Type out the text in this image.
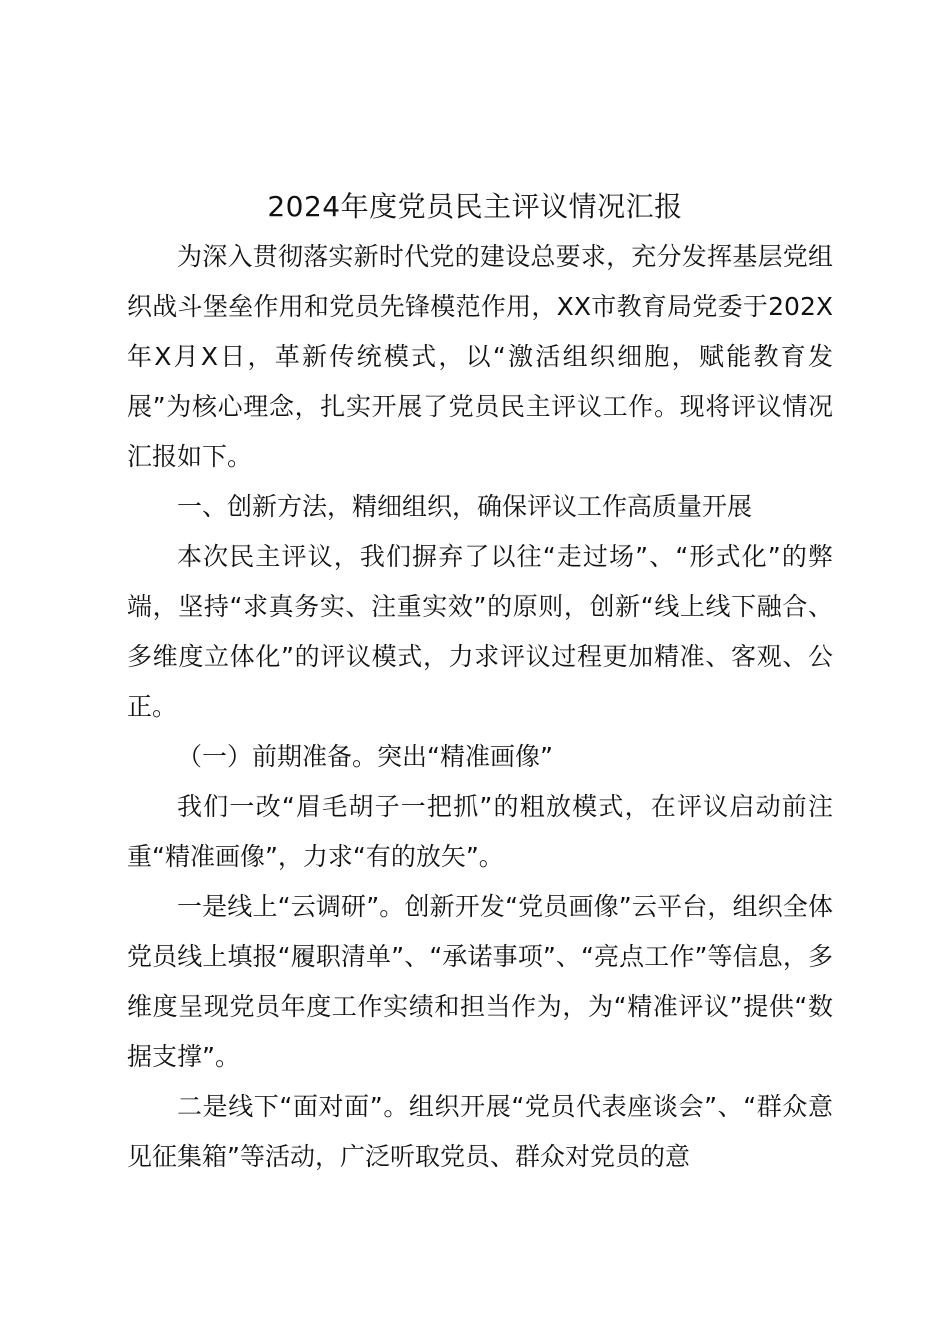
2024年度党员民主评议情况汇报

为深入贯彻落实新时代党的建设总要求，充分发挥基层党组织战斗堡垒作用和党员先锋模范作用，XX市教育局党委于202X年X月X日，革新传统模式，以“激活组织细胞，赋能教育发展”为核心理念，扎实开展了党员民主评议工作。现将评议情况汇报如下。

一、创新方法，精细组织，确保评议工作高质量开展

本次民主评议，我们摒弃了以往“走过场”、“形式化”的弊端，坚持“求真务实、注重实效”的原则，创新“线上线下融合、多维度立体化”的评议模式，力求评议过程更加精准、客观、公正。

（一）前期准备。突出“精准画像”

我们一改“眉毛胡子一把抓”的粗放模式，在评议启动前注重“精准画像”，力求“有的放矢”。

一是线上“云调研”。创新开发“党员画像”云平台，组织全体党员线上填报“履职清单”、“承诺事项”、“亮点工作”等信息，多维度呈现党员年度工作实绩和担当作为，为“精准评议”提供“数据支撑”。

二是线下“面对面”。组织开展“党员代表座谈会”、“群众意见征集箱”等活动，广泛听取党员、群众对党员的意
